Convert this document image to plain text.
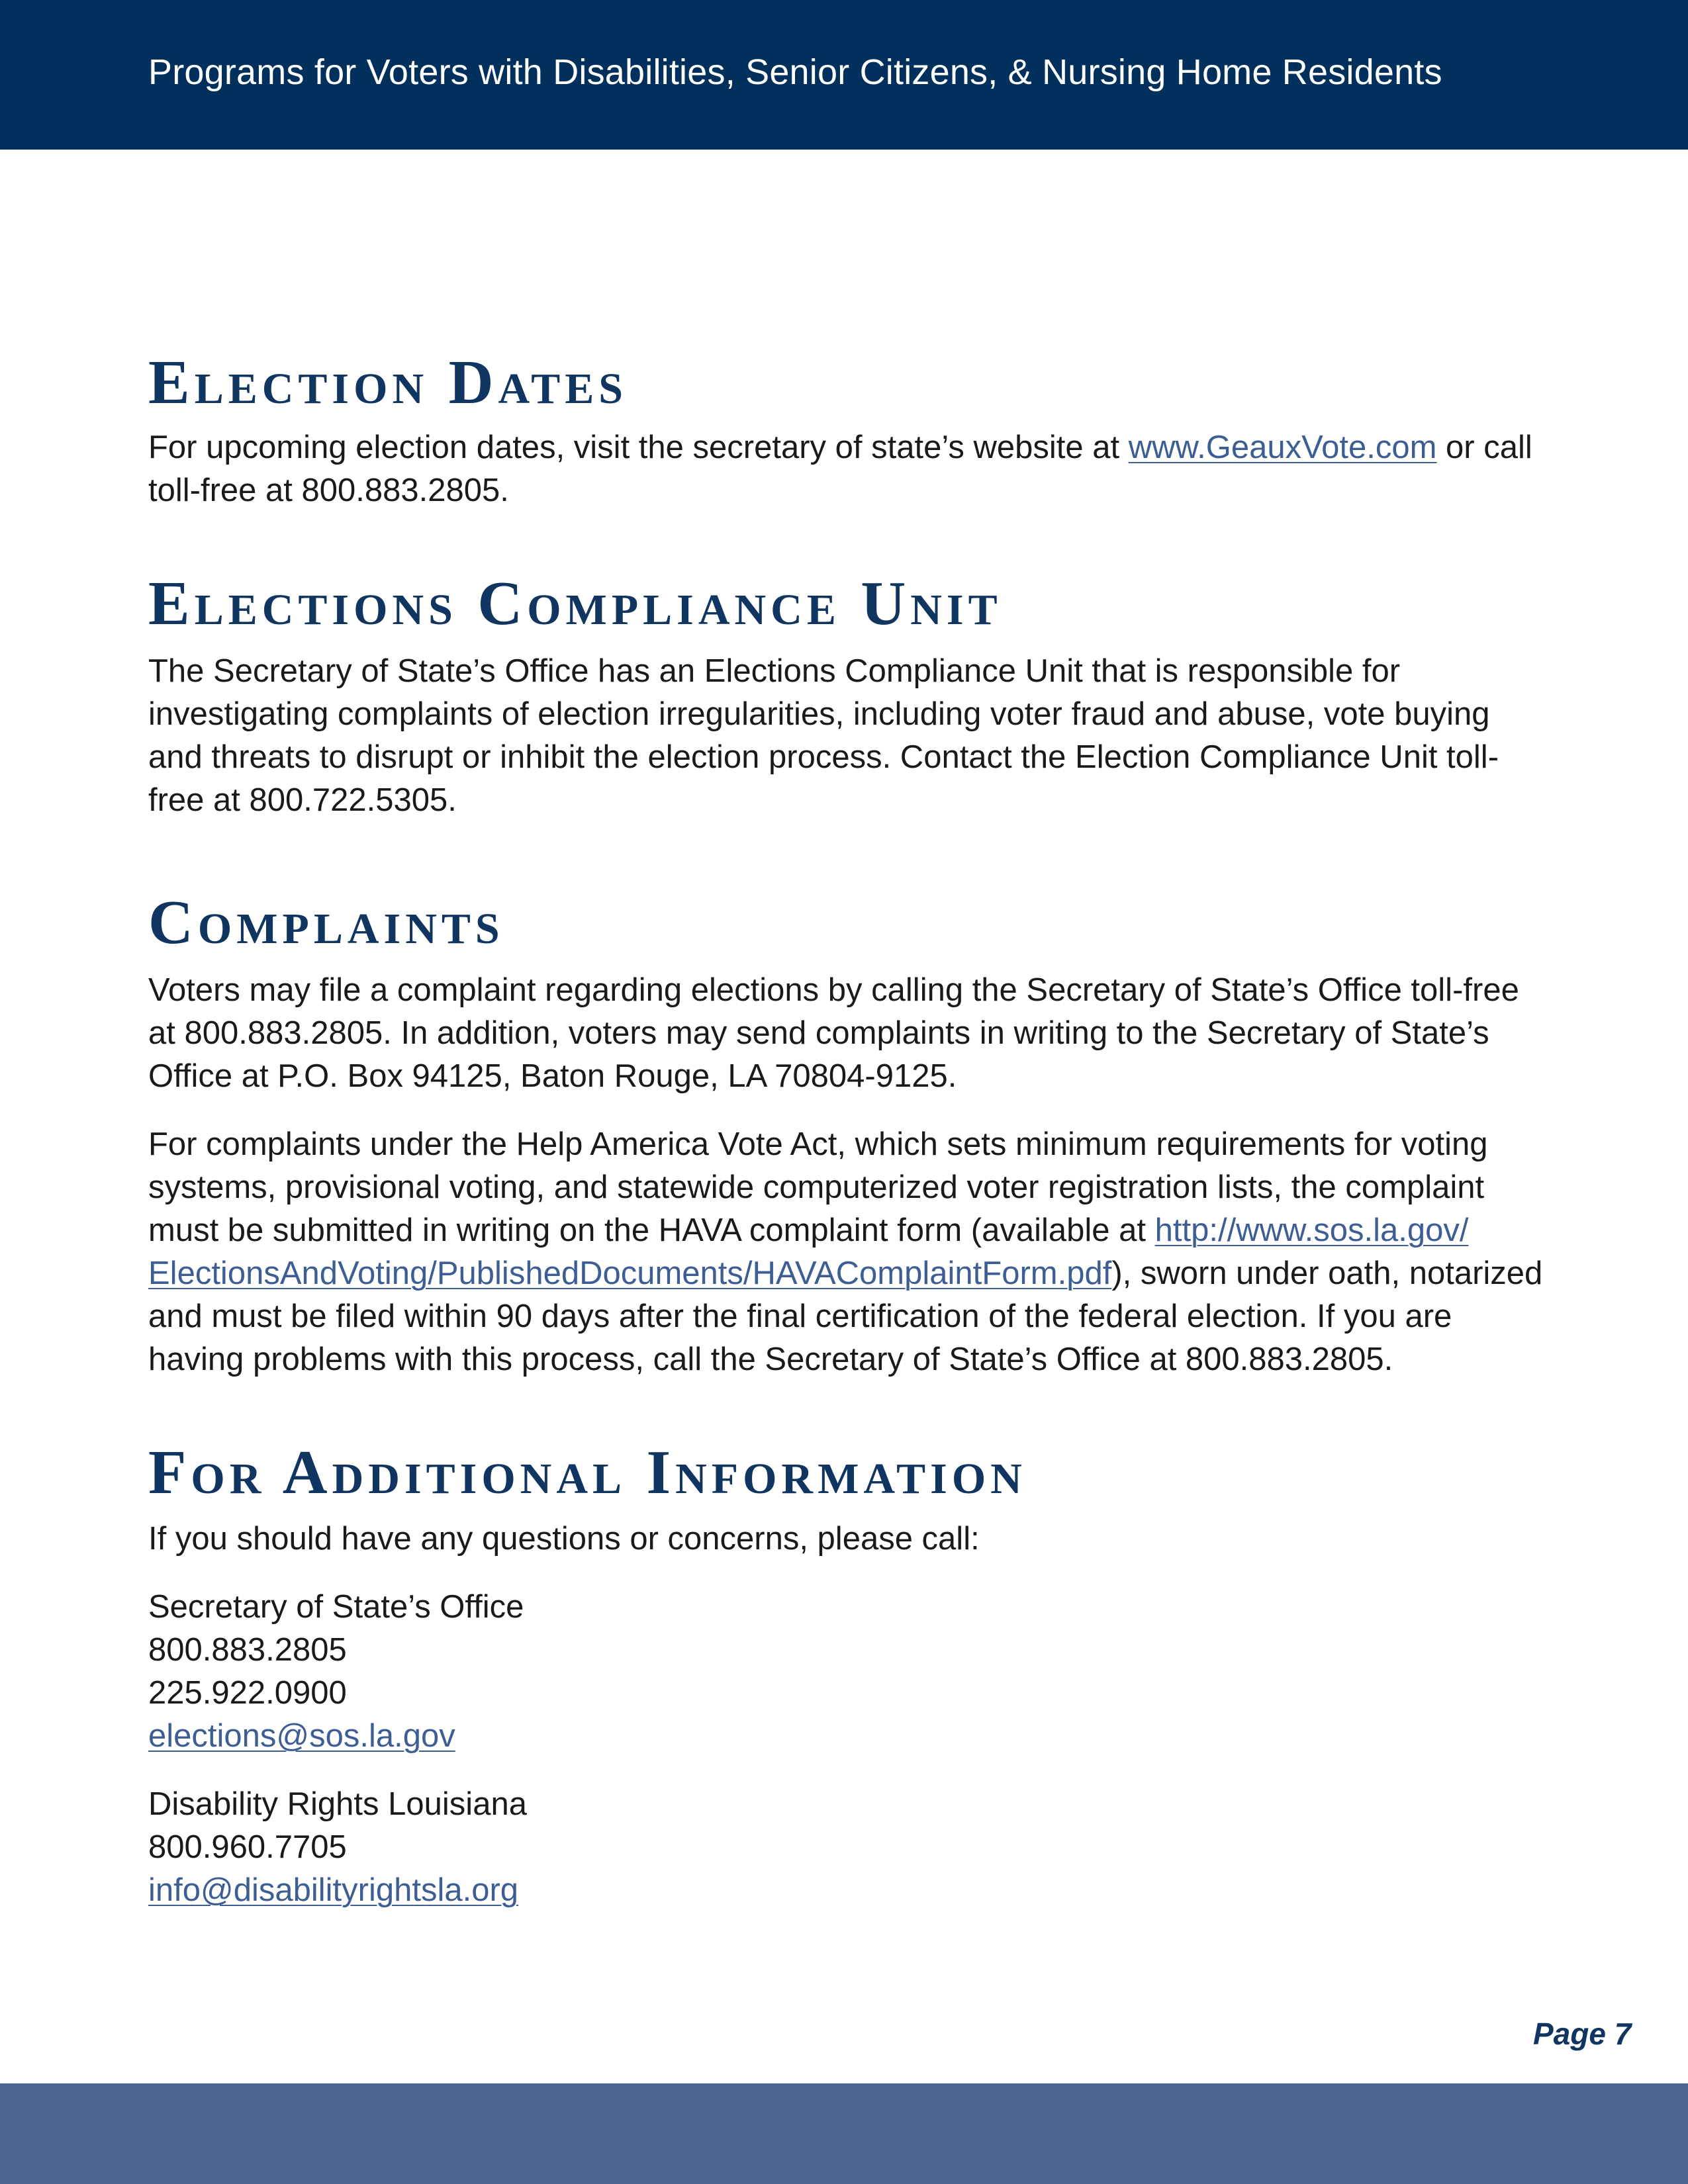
Programs for Voters with Disabilities, Senior Citizens, & Nursing Home Residents
Election Dates

For upcoming election dates, visit the secretary of state’s website at www.GeauxVote.com or call toll-free at 800.883.2805.

Elections Compliance Unit

The Secretary of State’s Office has an Elections Compliance Unit that is responsible for investigating complaints of election irregularities, including voter fraud and abuse, vote buying and threats to disrupt or inhibit the election process. Contact the Election Compliance Unit toll-free at 800.722.5305.

Complaints

Voters may file a complaint regarding elections by calling the Secretary of State’s Office toll-free at 800.883.2805. In addition, voters may send complaints in writing to the Secretary of State’s Office at P.O. Box 94125, Baton Rouge, LA 70804-9125.

For complaints under the Help America Vote Act, which sets minimum requirements for voting systems, provisional voting, and statewide computerized voter registration lists, the complaint must be submitted in writing on the HAVA complaint form (available at http://www.sos.la.gov/
ElectionsAndVoting/PublishedDocuments/HAVAComplaintForm.pdf), sworn under oath, notarized and must be filed within 90 days after the final certification of the federal election. If you are having problems with this process, call the Secretary of State’s Office at 800.883.2805.

For Additional Information

If you should have any questions or concerns, please call:

Secretary of State’s Office
800.883.2805
225.922.0900
elections@sos.la.gov
Disability Rights Louisiana
800.960.7705
info@disabilityrightsla.org
Page 7
